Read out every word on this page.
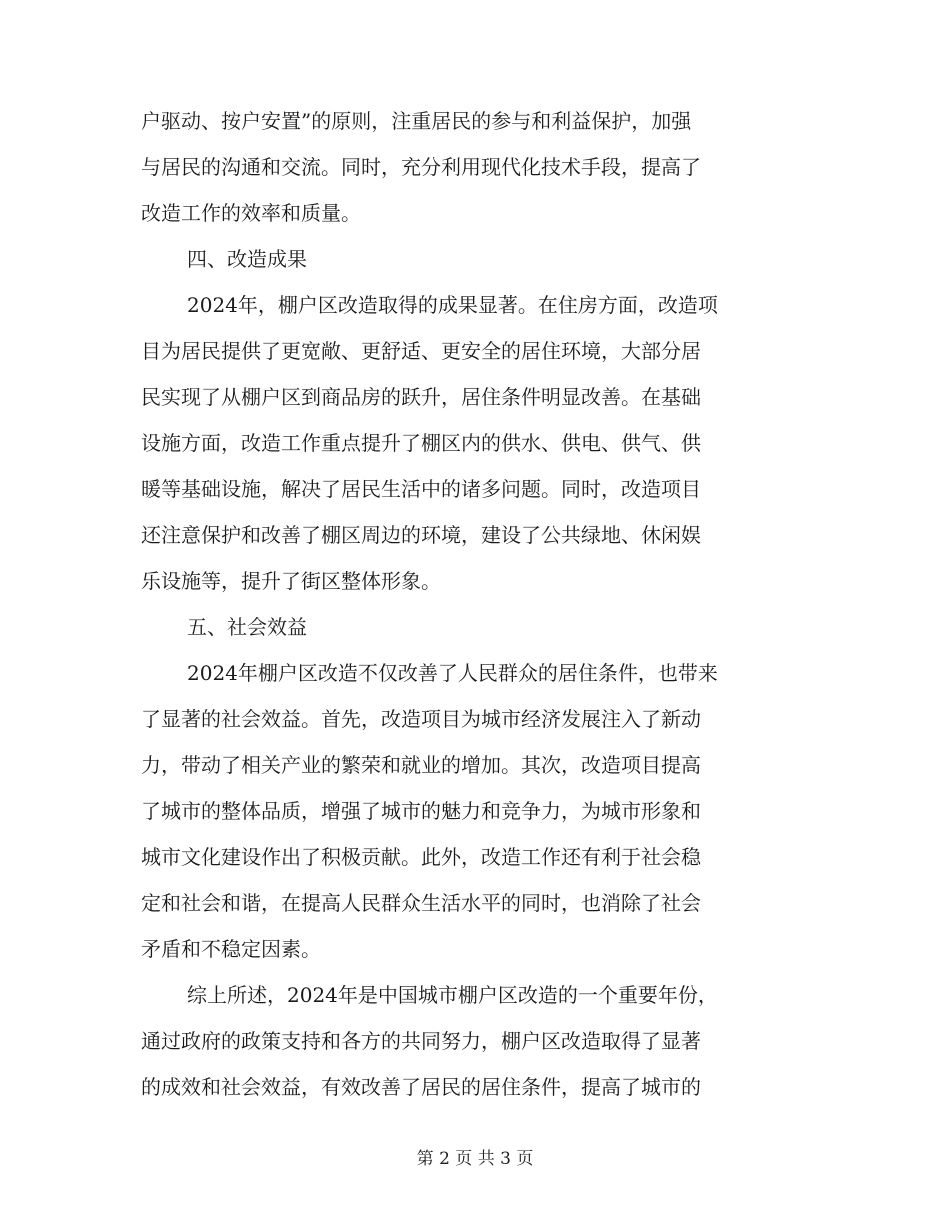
户驱动、按户安置”的原则，注重居民的参与和利益保护，加强
与居民的沟通和交流。同时，充分利用现代化技术手段，提高了
改造工作的效率和质量。
四、改造成果
2024年，棚户区改造取得的成果显著。在住房方面，改造项
目为居民提供了更宽敞、更舒适、更安全的居住环境，大部分居
民实现了从棚户区到商品房的跃升，居住条件明显改善。在基础
设施方面，改造工作重点提升了棚区内的供水、供电、供气、供
暖等基础设施，解决了居民生活中的诸多问题。同时，改造项目
还注意保护和改善了棚区周边的环境，建设了公共绿地、休闲娱
乐设施等，提升了街区整体形象。
五、社会效益
2024年棚户区改造不仅改善了人民群众的居住条件，也带来
了显著的社会效益。首先，改造项目为城市经济发展注入了新动
力，带动了相关产业的繁荣和就业的增加。其次，改造项目提高
了城市的整体品质，增强了城市的魅力和竞争力，为城市形象和
城市文化建设作出了积极贡献。此外，改造工作还有利于社会稳
定和社会和谐，在提高人民群众生活水平的同时，也消除了社会
矛盾和不稳定因素。
综上所述，2024年是中国城市棚户区改造的一个重要年份，
通过政府的政策支持和各方的共同努力，棚户区改造取得了显著
的成效和社会效益，有效改善了居民的居住条件，提高了城市的
第 2 页 共 3 页
